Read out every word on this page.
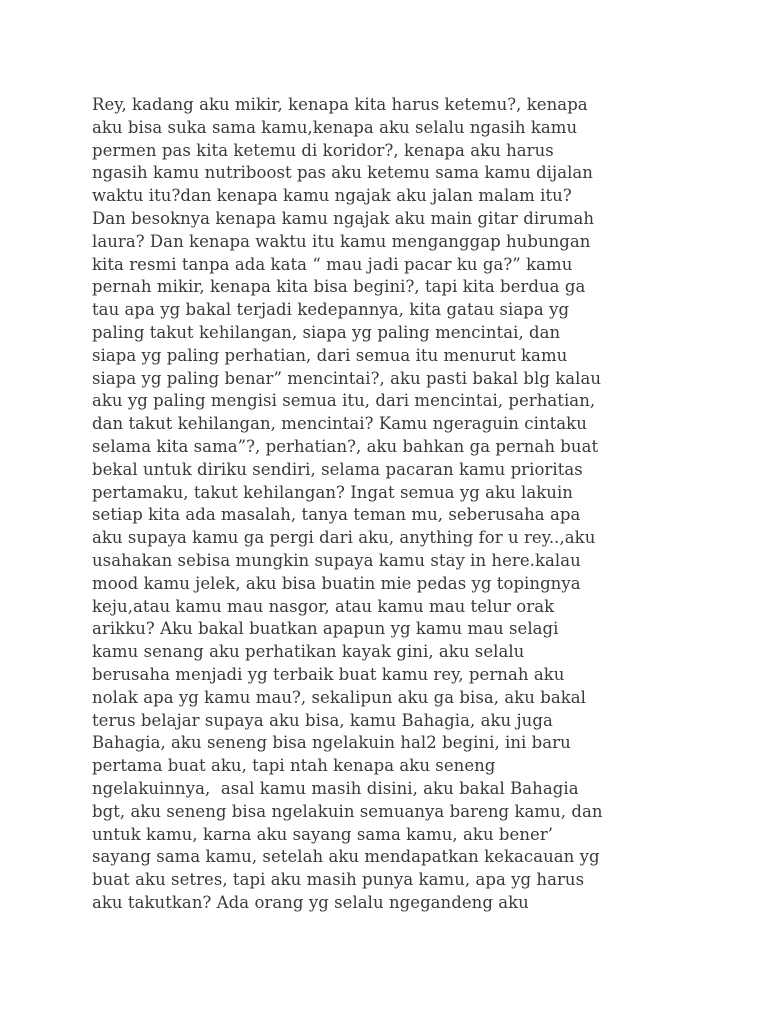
Rey, kadang aku mikir, kenapa kita harus ketemu?, kenapa
aku bisa suka sama kamu,kenapa aku selalu ngasih kamu
permen pas kita ketemu di koridor?, kenapa aku harus
ngasih kamu nutriboost pas aku ketemu sama kamu dijalan
waktu itu?dan kenapa kamu ngajak aku jalan malam itu?
Dan besoknya kenapa kamu ngajak aku main gitar dirumah
laura? Dan kenapa waktu itu kamu menganggap hubungan
kita resmi tanpa ada kata “ mau jadi pacar ku ga?” kamu
pernah mikir, kenapa kita bisa begini?, tapi kita berdua ga
tau apa yg bakal terjadi kedepannya, kita gatau siapa yg
paling takut kehilangan, siapa yg paling mencintai, dan
siapa yg paling perhatian, dari semua itu menurut kamu
siapa yg paling benar” mencintai?, aku pasti bakal blg kalau
aku yg paling mengisi semua itu, dari mencintai, perhatian,
dan takut kehilangan, mencintai? Kamu ngeraguin cintaku
selama kita sama”?, perhatian?, aku bahkan ga pernah buat
bekal untuk diriku sendiri, selama pacaran kamu prioritas
pertamaku, takut kehilangan? Ingat semua yg aku lakuin
setiap kita ada masalah, tanya teman mu, seberusaha apa
aku supaya kamu ga pergi dari aku, anything for u rey..,aku
usahakan sebisa mungkin supaya kamu stay in here.kalau
mood kamu jelek, aku bisa buatin mie pedas yg topingnya
keju,atau kamu mau nasgor, atau kamu mau telur orak
arikku? Aku bakal buatkan apapun yg kamu mau selagi
kamu senang aku perhatikan kayak gini, aku selalu
berusaha menjadi yg terbaik buat kamu rey, pernah aku
nolak apa yg kamu mau?, sekalipun aku ga bisa, aku bakal
terus belajar supaya aku bisa, kamu Bahagia, aku juga
Bahagia, aku seneng bisa ngelakuin hal2 begini, ini baru
pertama buat aku, tapi ntah kenapa aku seneng
ngelakuinnya,  asal kamu masih disini, aku bakal Bahagia
bgt, aku seneng bisa ngelakuin semuanya bareng kamu, dan
untuk kamu, karna aku sayang sama kamu, aku bener’
sayang sama kamu, setelah aku mendapatkan kekacauan yg
buat aku setres, tapi aku masih punya kamu, apa yg harus
aku takutkan? Ada orang yg selalu ngegandeng aku
